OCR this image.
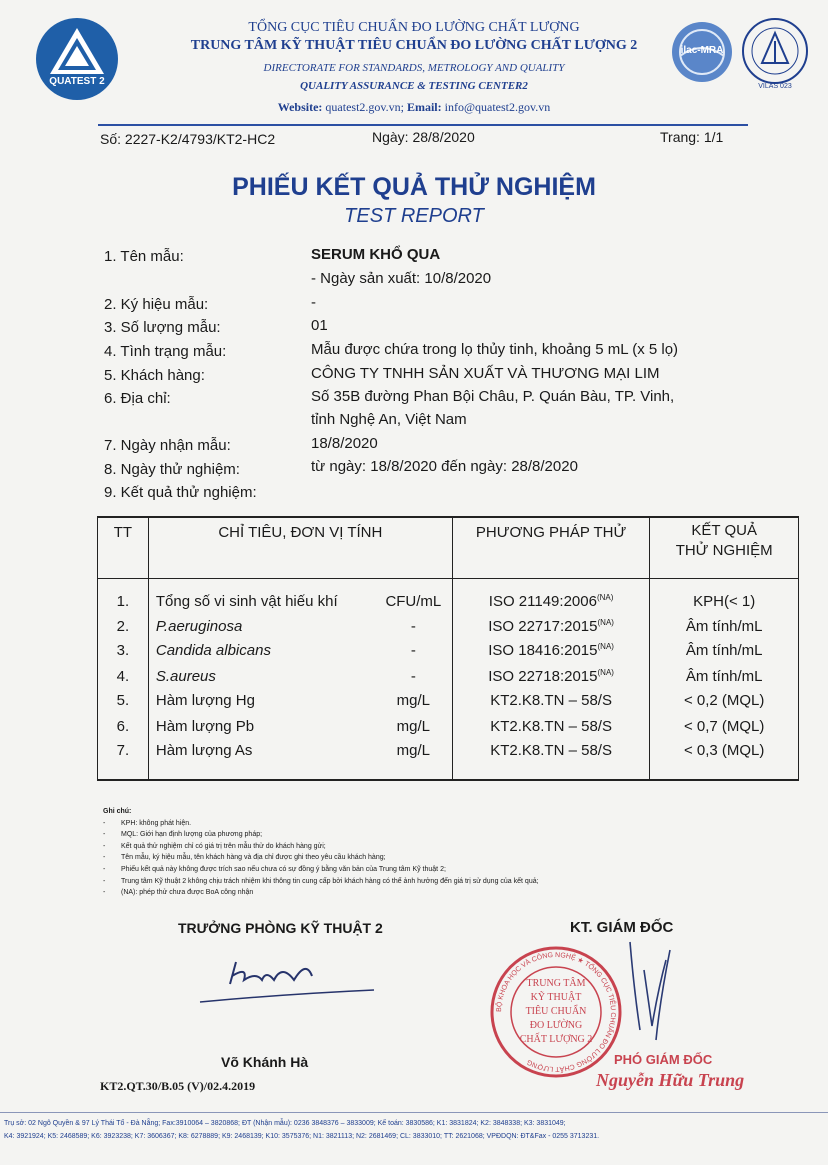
QUATEST 2
TỔNG CỤC TIÊU CHUẨN ĐO LƯỜNG CHẤT LƯỢNG
TRUNG TÂM KỸ THUẬT TIÊU CHUẨN ĐO LƯỜNG CHẤT LƯỢNG 2
DIRECTORATE FOR STANDARDS, METROLOGY AND QUALITY
QUALITY ASSURANCE & TESTING CENTER2
Website: quatest2.gov.vn; Email: info@quatest2.gov.vn
ilac-MRA
VILAS 023
Số: 2227-K2/4793/KT2-HC2	Ngày: 28/8/2020	Trang: 1/1
PHIẾU KẾT QUẢ THỬ NGHIỆM
TEST REPORT
1. Tên mẫu:	SERUM KHỔ QUA
- Ngày sản xuất: 10/8/2020
2. Ký hiệu mẫu:	-
3. Số lượng mẫu:	01
4. Tình trạng mẫu:	Mẫu được chứa trong lọ thủy tinh, khoảng 5 mL (x 5 lọ)
5. Khách hàng:	CÔNG TY TNHH SẢN XUẤT VÀ THƯƠNG MẠI LIM
6. Địa chỉ:	Số 35B đường Phan Bội Châu, P. Quán Bàu, TP. Vinh,
tỉnh Nghệ An, Việt Nam
7. Ngày nhận mẫu:	18/8/2020
8. Ngày thử nghiệm:	từ ngày: 18/8/2020 đến ngày: 28/8/2020
9. Kết quả thử nghiệm:
TT	CHỈ TIÊU, ĐƠN VỊ TÍNH	PHƯƠNG PHÁP THỬ	KẾT QUẢ
THỬ NGHIỆM

1.	Tổng số vi sinh vật hiếu khí CFU/mL	ISO $21149:2006^{(NA)}$	KPH(< 1)
2.	P.aeruginosa -	ISO $22717:2015^{(NA)}$	Âm tính/mL
3.	Candida albicans -	ISO $18416:2015^{(NA)}$	Âm tính/mL
4.	S.aureus -	ISO $22718:2015^{(NA)}$	Âm tính/mL
5.	Hàm lượng Hg mg/L	KT2.K8.TN – 58/S	< 0,2 (MQL)
6.	Hàm lượng Pb mg/L	KT2.K8.TN – 58/S	< 0,7 (MQL)
7.	Hàm lượng As mg/L	KT2.K8.TN – 58/S	< 0,3 (MQL)
Ghi chú:
- KPH: không phát hiện.
- MQL: Giới hạn định lượng của phương pháp;
- Kết quả thử nghiệm chỉ có giá trị trên mẫu thử do khách hàng gửi;
- Tên mẫu, ký hiệu mẫu, tên khách hàng và địa chỉ được ghi theo yêu cầu khách hàng;
- Phiếu kết quả này không được trích sao nếu chưa có sự đồng ý bằng văn bản của Trung tâm Kỹ thuật 2;
- Trung tâm Kỹ thuật 2 không chịu trách nhiệm khi thông tin cung cấp bởi khách hàng có thể ảnh hưởng đến giá trị sử dụng của kết quả;
- (NA): phép thử chưa được BoA công nhận
TRƯỞNG PHÒNG KỸ THUẬT 2
Võ Khánh Hà
KT. GIÁM ĐỐC
BỘ KHOA HỌC VÀ CÔNG NGHỆ ★ TỔNG CỤC TIÊU CHUẨN ĐO LƯỜNG CHẤT LƯỢNG
TRUNG TÂM
KỸ THUẬT
TIÊU CHUẨN
ĐO LƯỜNG
CHẤT LƯỢNG 2
PHÓ GIÁM ĐỐC
Nguyễn Hữu Trung
KT2.QT.30/B.05 (V)/02.4.2019
Trụ sở: 02 Ngô Quyền & 97 Lý Thái Tổ - Đà Nẵng; Fax:3910064 – 3820868; ĐT (Nhận mẫu): 0236 3848376 – 3833009; Kế toán: 3830586; K1: 3831824; K2: 3848338; K3: 3831049;
K4: 3921924; K5: 2468589; K6: 3923238; K7: 3606367; K8: 6278889; K9: 2468139; K10: 3575376; N1: 3821113; N2: 2681469; CL: 3833010; TT: 2621068; VPĐDQN: ĐT&Fax - 0255 3713231.
